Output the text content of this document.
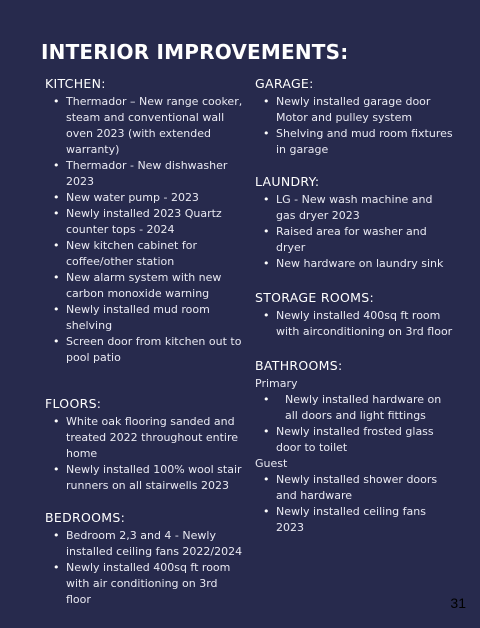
INTERIOR IMPROVEMENTS:
KITCHEN:
• Thermador – New range cooker, steam and conventional wall oven 2023 (with extended warranty)
• Thermador - New dishwasher 2023
• New water pump - 2023
• Newly installed 2023 Quartz counter tops - 2024
• New kitchen cabinet for coffee/other station
• New alarm system with new carbon monoxide warning
• Newly installed mud room shelving
• Screen door from kitchen out to pool patio
FLOORS:
• White oak flooring sanded and treated 2022 throughout entire home
• Newly installed 100% wool stair runners on all stairwells 2023
BEDROOMS:
• Bedroom 2,3 and 4 - Newly installed ceiling fans 2022/2024
• Newly installed 400sq ft room with air conditioning on 3rd floor
GARAGE:
• Newly installed garage door Motor and pulley system
• Shelving and mud room fixtures in garage
LAUNDRY:
• LG - New wash machine and gas dryer 2023
• Raised area for washer and dryer
• New hardware on laundry sink
STORAGE ROOMS:
• Newly installed 400sq ft room with airconditioning on 3rd floor
BATHROOMS:
Primary
• Newly installed hardware on all doors and light fittings
• Newly installed frosted glass door to toilet
Guest
• Newly installed shower doors and hardware
• Newly installed ceiling fans 2023
31
